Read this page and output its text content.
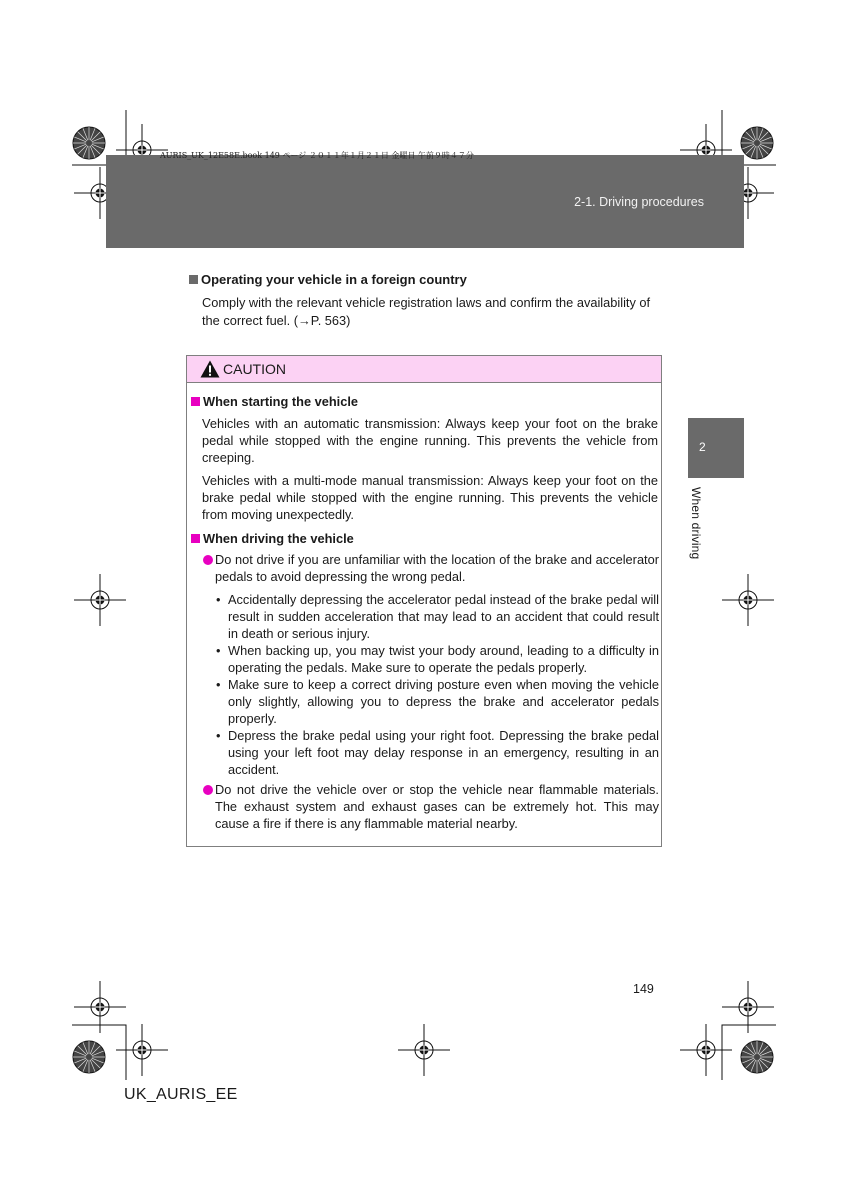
2-1. Driving procedures
AURIS_UK_12E58E.book 149 ページ ２０１１年１月２１日 金曜日 午前９時４７分
2
When driving
Operating your vehicle in a foreign country
Comply with the relevant vehicle registration laws and confirm the availability of the correct fuel. (→P. 563)
CAUTION
When starting the vehicle
Vehicles with an automatic transmission: Always keep your foot on the brake pedal while stopped with the engine running. This prevents the vehicle from creeping.
Vehicles with a multi-mode manual transmission: Always keep your foot on the brake pedal while stopped with the engine running. This prevents the vehicle from moving unexpectedly.
When driving the vehicle
Do not drive if you are unfamiliar with the location of the brake and accelerator pedals to avoid depressing the wrong pedal.
• Accidentally depressing the accelerator pedal instead of the brake pedal will result in sudden acceleration that may lead to an accident that could result in death or serious injury.
• When backing up, you may twist your body around, leading to a difficulty in operating the pedals. Make sure to operate the pedals properly.
• Make sure to keep a correct driving posture even when moving the vehicle only slightly, allowing you to depress the brake and accelerator pedals properly.
• Depress the brake pedal using your right foot. Depressing the brake pedal using your left foot may delay response in an emergency, resulting in an accident.
Do not drive the vehicle over or stop the vehicle near flammable materials. The exhaust system and exhaust gases can be extremely hot. This may cause a fire if there is any flammable material nearby.
149
UK_AURIS_EE
